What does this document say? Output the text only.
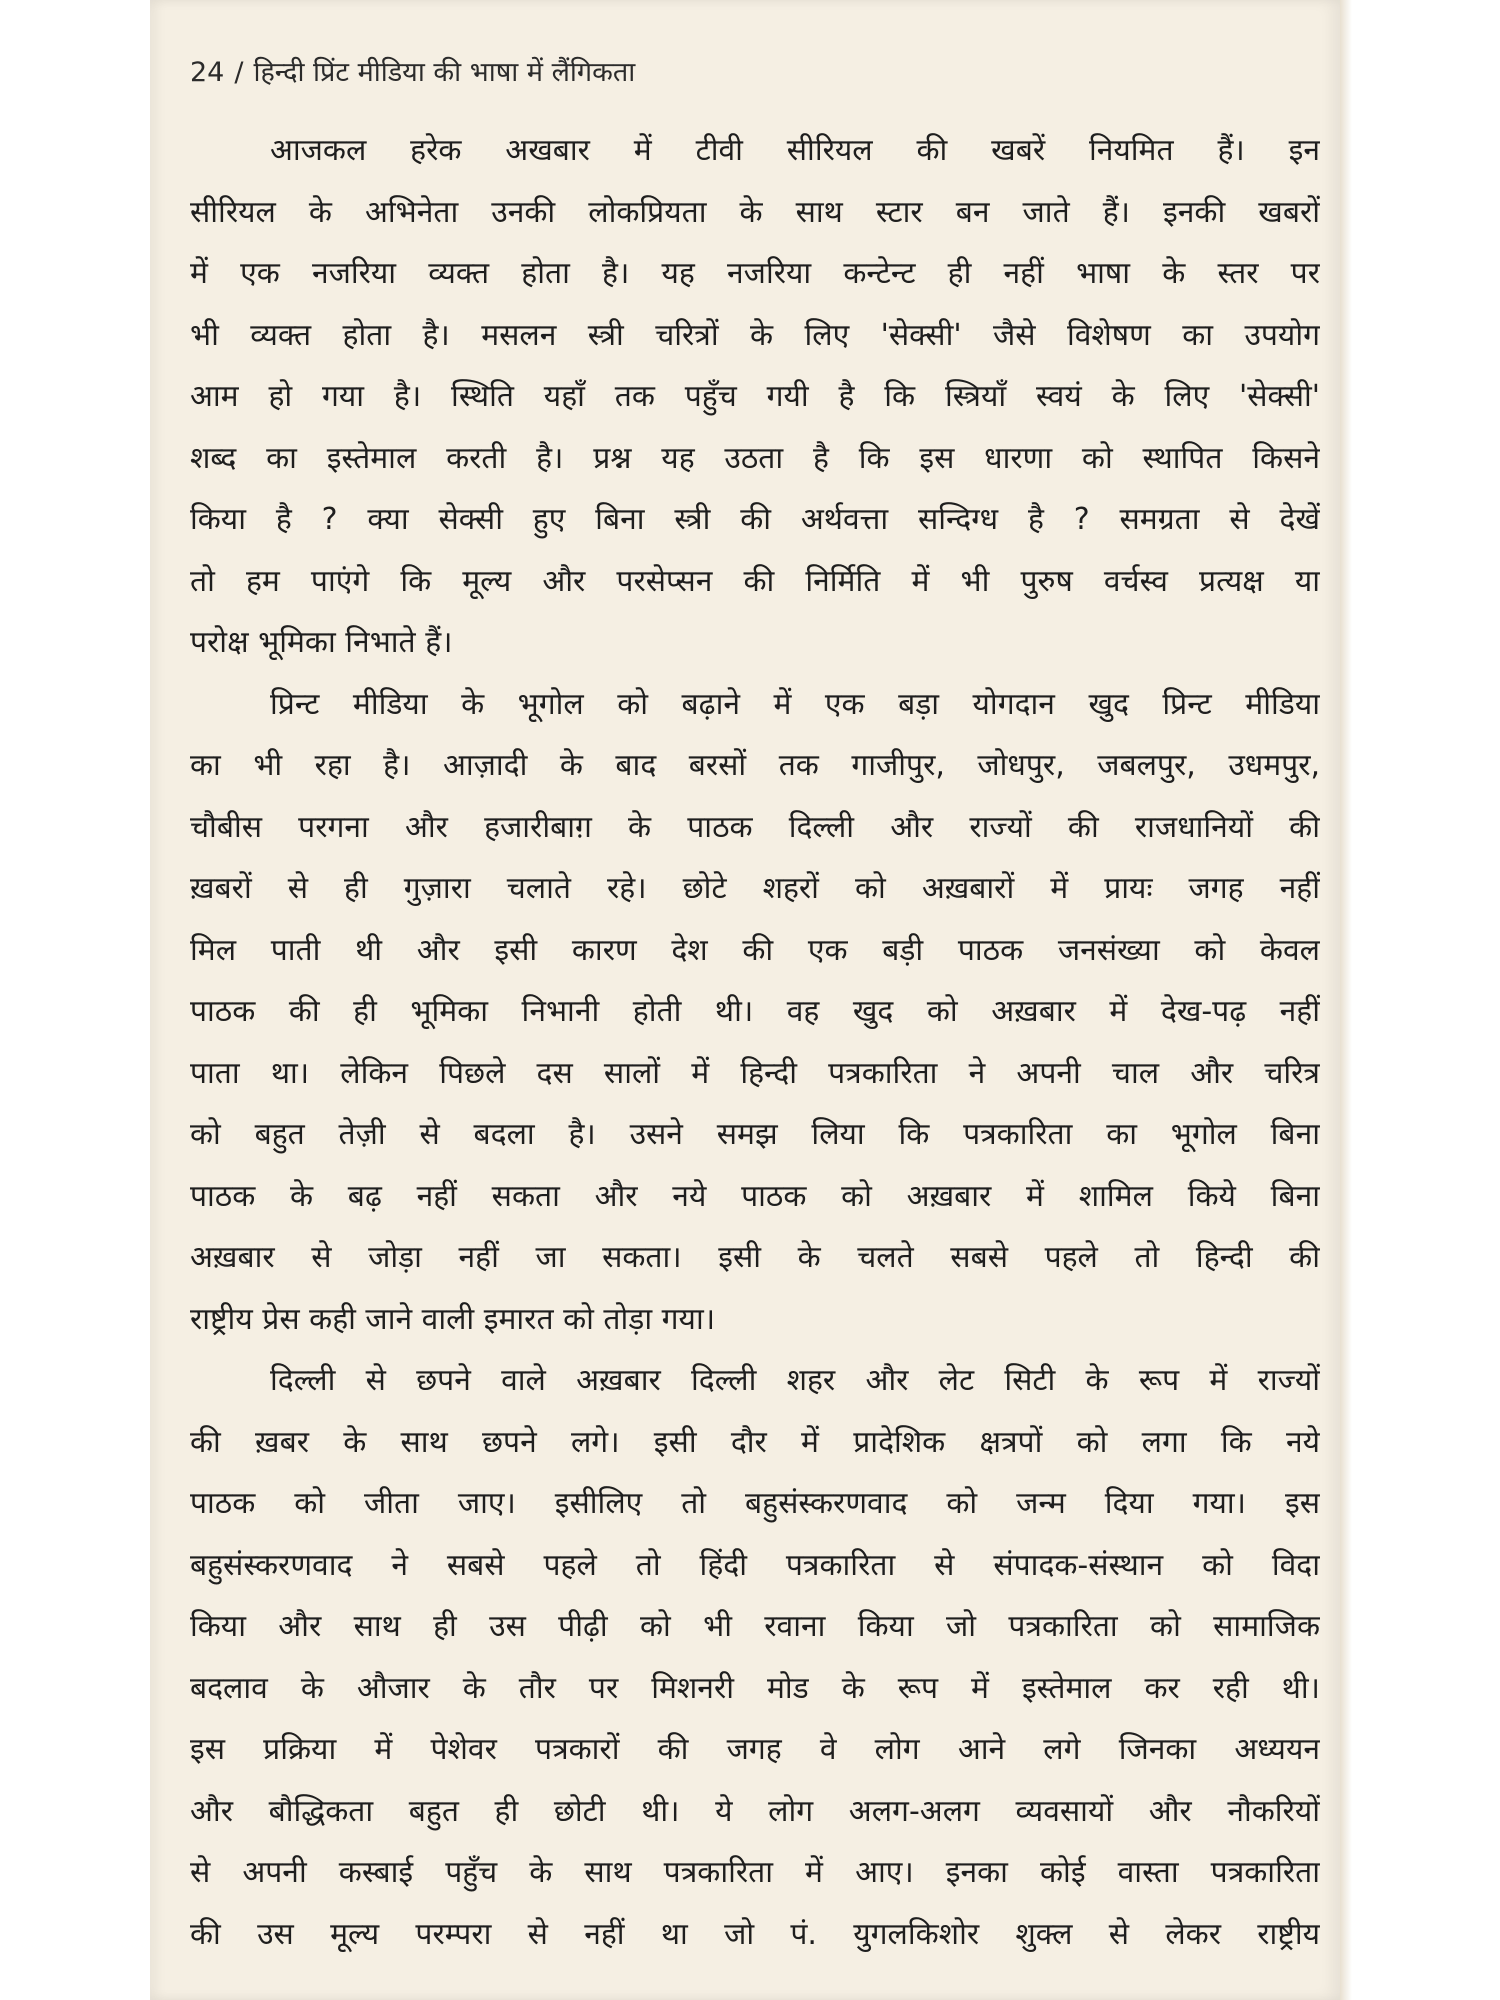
24 / हिन्दी प्रिंट मीडिया की भाषा में लैंगिकता
आजकल हरेक अखबार में टीवी सीरियल की खबरें नियमित हैं। इन
सीरियल के अभिनेता उनकी लोकप्रियता के साथ स्टार बन जाते हैं। इनकी खबरों
में एक नजरिया व्यक्त होता है। यह नजरिया कन्टेन्ट ही नहीं भाषा के स्तर पर
भी व्यक्त होता है। मसलन स्त्री चरित्रों के लिए 'सेक्सी' जैसे विशेषण का उपयोग
आम हो गया है। स्थिति यहाँ तक पहुँच गयी है कि स्त्रियाँ स्वयं के लिए 'सेक्सी'
शब्द का इस्तेमाल करती है। प्रश्न यह उठता है कि इस धारणा को स्थापित किसने
किया है ? क्या सेक्सी हुए बिना स्त्री की अर्थवत्ता सन्दिग्ध है ? समग्रता से देखें
तो हम पाएंगे कि मूल्य और परसेप्सन की निर्मिति में भी पुरुष वर्चस्व प्रत्यक्ष या
परोक्ष भूमिका निभाते हैं।
प्रिन्ट मीडिया के भूगोल को बढ़ाने में एक बड़ा योगदान खुद प्रिन्ट मीडिया
का भी रहा है। आज़ादी के बाद बरसों तक गाजीपुर, जोधपुर, जबलपुर, उधमपुर,
चौबीस परगना और हजारीबाग़ के पाठक दिल्ली और राज्यों की राजधानियों की
ख़बरों से ही गुज़ारा चलाते रहे। छोटे शहरों को अख़बारों में प्रायः जगह नहीं
मिल पाती थी और इसी कारण देश की एक बड़ी पाठक जनसंख्या को केवल
पाठक की ही भूमिका निभानी होती थी। वह खुद को अख़बार में देख-पढ़ नहीं
पाता था। लेकिन पिछले दस सालों में हिन्दी पत्रकारिता ने अपनी चाल और चरित्र
को बहुत तेज़ी से बदला है। उसने समझ लिया कि पत्रकारिता का भूगोल बिना
पाठक के बढ़ नहीं सकता और नये पाठक को अख़बार में शामिल किये बिना
अख़बार से जोड़ा नहीं जा सकता। इसी के चलते सबसे पहले तो हिन्दी की
राष्ट्रीय प्रेस कही जाने वाली इमारत को तोड़ा गया।
दिल्ली से छपने वाले अख़बार दिल्ली शहर और लेट सिटी के रूप में राज्यों
की ख़बर के साथ छपने लगे। इसी दौर में प्रादेशिक क्षत्रपों को लगा कि नये
पाठक को जीता जाए। इसीलिए तो बहुसंस्करणवाद को जन्म दिया गया। इस
बहुसंस्करणवाद ने सबसे पहले तो हिंदी पत्रकारिता से संपादक-संस्थान को विदा
किया और साथ ही उस पीढ़ी को भी रवाना किया जो पत्रकारिता को सामाजिक
बदलाव के औजार के तौर पर मिशनरी मोड के रूप में इस्तेमाल कर रही थी।
इस प्रक्रिया में पेशेवर पत्रकारों की जगह वे लोग आने लगे जिनका अध्ययन
और बौद्धिकता बहुत ही छोटी थी। ये लोग अलग-अलग व्यवसायों और नौकरियों
से अपनी कस्बाई पहुँच के साथ पत्रकारिता में आए। इनका कोई वास्ता पत्रकारिता
की उस मूल्य परम्परा से नहीं था जो पं. युगलकिशोर शुक्ल से लेकर राष्ट्रीय
